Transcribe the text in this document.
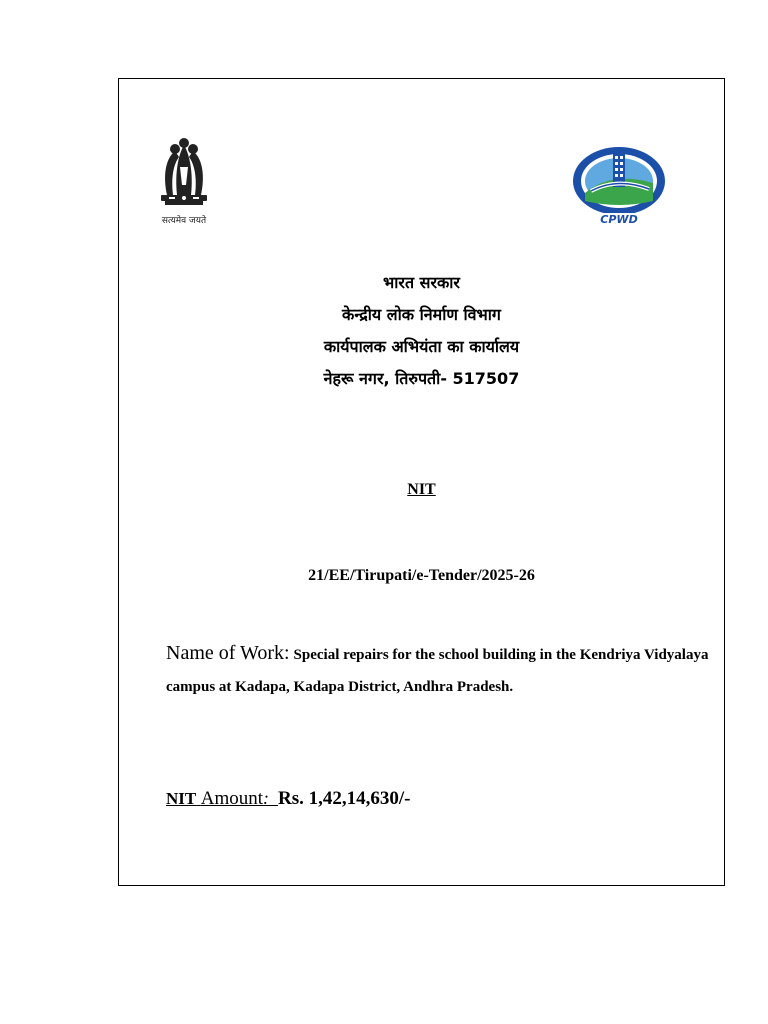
सत्यमेव जयते	CPWD
भारत सरकार
केन्द्रीय लोक निर्माण विभाग
कार्यपालक अभियंता का कार्यालय
नेहरू नगर, तिरुपती- 517507
NIT
21/EE/Tirupati/e-Tender/2025-26
Name of Work: Special repairs for the school building in the Kendriya Vidyalaya campus at Kadapa, Kadapa District, Andhra Pradesh.
NIT Amount: Rs. 1,42,14,630/-
